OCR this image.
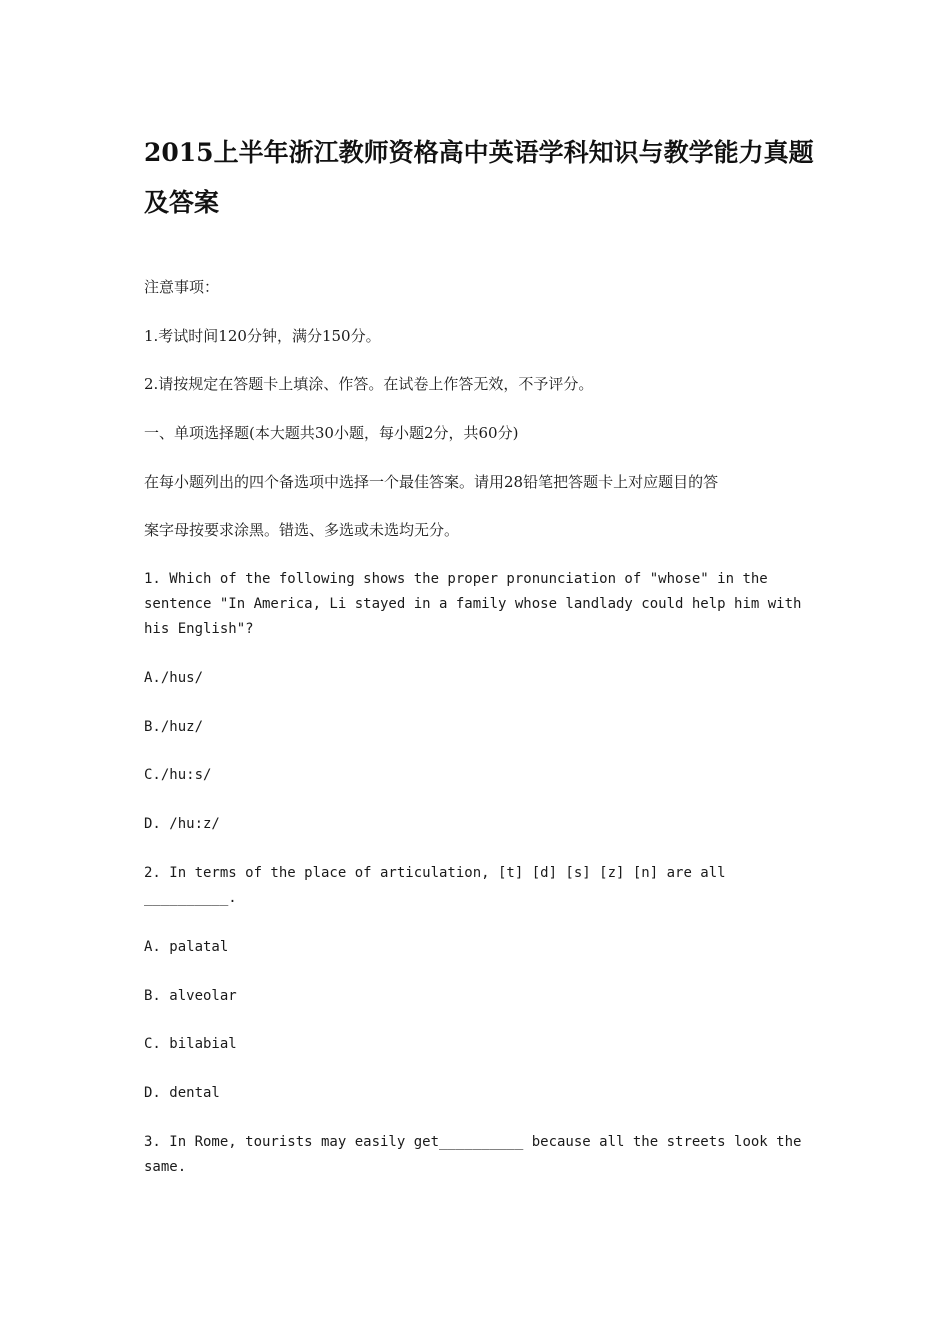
2015上半年浙江教师资格高中英语学科知识与教学能力真题及答案

注意事项：

1.考试时间120分钟，满分150分。

2.请按规定在答题卡上填涂、作答。在试卷上作答无效，不予评分。

一、单项选择题(本大题共30小题，每小题2分，共60分)

在每小题列出的四个备选项中选择一个最佳答案。请用28铅笔把答题卡上对应题目的答

案字母按要求涂黑。错选、多选或未选均无分。

1. Which of the following shows the proper pronunciation of "whose" in the

sentence "In America, Li stayed in a family whose landlady could help him with

his English"?

A./hus/

B./huz/

C./hu:s/

D. /hu:z/

2. In terms of the place of articulation, [t] [d] [s] [z] [n] are all

__________.

A. palatal

B. alveolar

C. bilabial

D. dental

3. In Rome, tourists may easily get__________ because all the streets look the

same.
